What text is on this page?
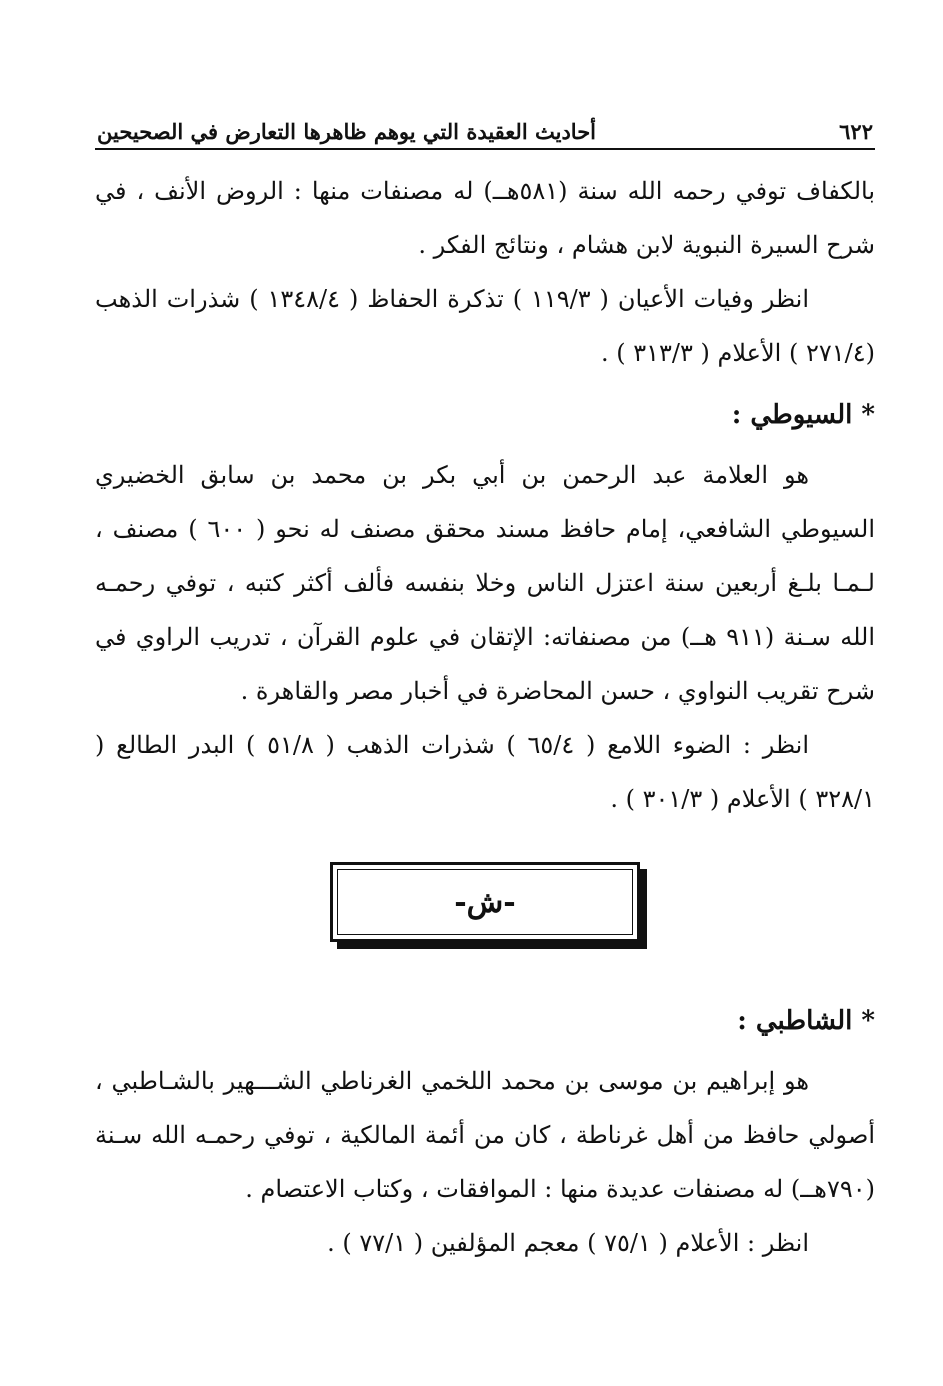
٦٢٢
أحاديث العقيدة التي يوهم ظاهرها التعارض في الصحيحين

بالكفاف توفي رحمه الله سنة (٥٨١هــ) له مصنفات منها : الروض الأنف ، في شرح السيرة النبوية لابن هشام ، ونتائج الفكر .

انظر وفيات الأعيان ( ١١٩/٣ ) تذكرة الحفاظ ( ١٣٤٨/٤ ) شذرات الذهب (٢٧١/٤ ) الأعلام ( ٣١٣/٣ ) .

* السيوطي :

هو العلامة عبد الرحمن بن أبي بكر بن محمد بن سابق الخضيري السيوطي الشافعي، إمام حافظ مسند محقق مصنف له نحو ( ٦٠٠ ) مصنف ، لـمـا بلـغ أربعين سنة اعتزل الناس وخلا بنفسه فألف أكثر كتبه ، توفي رحمـه الله سـنة (٩١١ هــ) من مصنفاته: الإتقان في علوم القرآن ، تدريب الراوي في شرح تقريب النواوي ، حسن المحاضرة في أخبار مصر والقاهرة .

انظر : الضوء اللامع ( ٦٥/٤ ) شذرات الذهب ( ٥١/٨ ) البدر الطالع ( ٣٢٨/١ ) الأعلام ( ٣٠١/٣ ) .

-ش-
* الشاطبي :

هو إبراهيم بن موسى بن محمد اللخمي الغرناطي الشـــهير بالشـاطبي ، أصولي حافظ من أهل غرناطة ، كان من أئمة المالكية ، توفي رحمـه الله سـنة (٧٩٠هــ) له مصنفات عديدة منها : الموافقات ، وكتاب الاعتصام .

انظر : الأعلام ( ٧٥/١ ) معجم المؤلفين ( ٧٧/١ ) .
